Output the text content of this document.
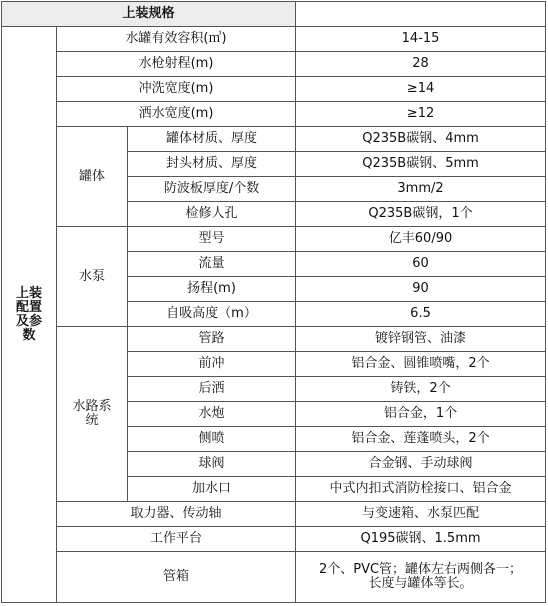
上装规格			

上装
配置
及参
数	水罐有效容积(㎥)		14-15
	水枪射程(m)		28
	冲洗宽度(m)		≥14
	洒水宽度(m)		≥12
	罐体	罐体材质、厚度	Q235B碳钢、4mm
		封头材质、厚度	Q235B碳钢、5mm
		防波板厚度/个数	3mm/2
		检修人孔	Q235B碳钢，1个
	水泵	型号	亿丰60/90
		流量	60
		扬程(m)	90
		自吸高度（m）	6.5

	水路系
统	管路	镀锌钢管、油漆
		前冲	铝合金、圆锥喷嘴，2个
		后洒	铸铁，2个
		水炮	铝合金，1个
		侧喷	铝合金、莲蓬喷头，2个
		球阀	合金钢、手动球阀
		加水口	中式内扣式消防栓接口、铝合金
	取力器、传动轴		与变速箱、水泵匹配
	工作平台		Q195碳钢、1.5mm
	管箱		2个、PVC管；罐体左右两侧各一；
长度与罐体等长。
